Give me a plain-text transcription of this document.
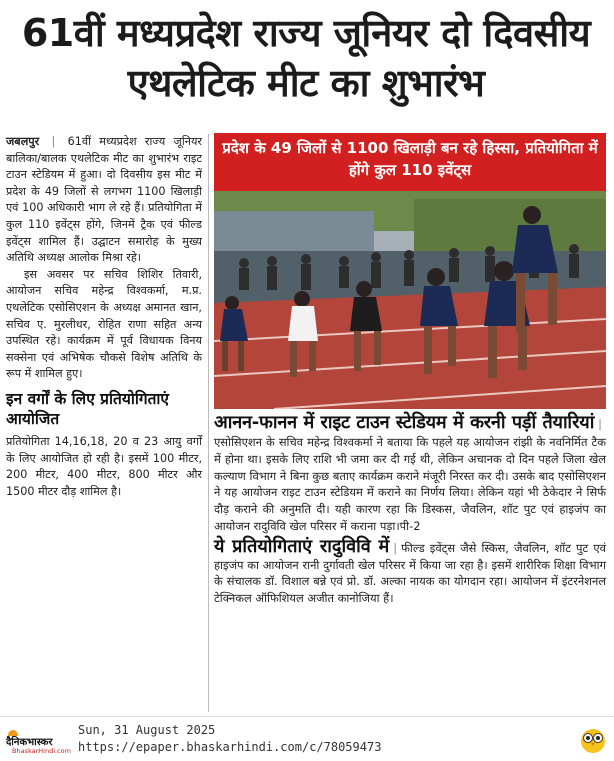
61वीं मध्यप्रदेश राज्य जूनियर दो दिवसीय एथलेटिक मीट का शुभारंभ

जबलपुर | 61वीं मध्यप्रदेश राज्य जूनियर बालिका/बालक एथलेटिक मीट का शुभारंभ राइट टाउन स्टेडियम में हुआ। दो दिवसीय इस मीट में प्रदेश के 49 जिलों से लगभग 1100 खिलाड़ी एवं 100 अधिकारी भाग ले रहे हैं। प्रतियोगिता में कुल 110 इवेंट्स होंगे, जिनमें ट्रैक एवं फील्ड इवेंट्स शामिल हैं। उद्घाटन समारोह के मुख्य अतिथि अध्यक्ष आलोक मिश्रा रहे।

इस अवसर पर सचिव शिशिर तिवारी, आयोजन सचिव महेन्द्र विश्वकर्मा, म.प्र. एथलेटिक एसोसिएशन के अध्यक्ष अमानत खान, सचिव ए. मुरलीधर, रोहित राणा सहित अन्य उपस्थित रहे। कार्यक्रम में पूर्व विधायक विनय सक्सेना एवं अभिषेक चौकसे विशेष अतिथि के रूप में शामिल हुए।

इन वर्गों के लिए प्रतियोगिताएं आयोजित

प्रतियोगिता 14,16,18, 20 व 23 आयु वर्गों के लिए आयोजित हो रही है। इसमें 100 मीटर, 200 मीटर, 400 मीटर, 800 मीटर और 1500 मीटर दौड़ शामिल है।

प्रदेश के 49 जिलों से 1100 खिलाड़ी बन रहे हिस्सा, प्रतियोगिता में होंगे कुल 110 इवेंट्स

आनन-फानन में राइट टाउन स्टेडियम में करनी पड़ीं तैयारियां |एसोसिएशन के सचिव महेन्द्र विश्वकर्मा ने बताया कि पहले यह आयोजन रांझी के नवनिर्मित टैक में होना था। इसके लिए राशि भी जमा कर दी गई थी, लेकिन अचानक दो दिन पहले जिला खेल कल्याण विभाग ने बिना कुछ बताए कार्यक्रम कराने मंजूरी निरस्त कर दी। उसके बाद एसोसिएशन ने यह आयोजन राइट टाउन स्टेडियम में कराने का निर्णय लिया। लेकिन यहां भी ठेकेदार ने सिर्फ दौड़ कराने की अनुमति दी। यही कारण रहा कि डिस्कस, जैवलिन, शॉट पुट एवं हाइजंप का आयोजन रादुविवि खेल परिसर में कराना पड़ा।पी-2

ये प्रतियोगिताएं रादुविवि में | फील्ड इवेंट्स जैसे स्किस, जैवलिन, शॉट पुट एवं हाइजंप का आयोजन रानी दुर्गावती खेल परिसर में किया जा रहा है। इसमें शारीरिक शिक्षा विभाग के संचालक डॉ. विशाल बन्ने एवं प्रो. डॉ. अल्का नायक का योगदान रहा। आयोजन में इंटरनेशनल टेक्निकल ऑफिशियल अजीत कानोजिया हैं।

दैनिकभास्कर
BhaskarHindi.com
Sun, 31 August 2025
https://epaper.bhaskarhindi.com/c/78059473
